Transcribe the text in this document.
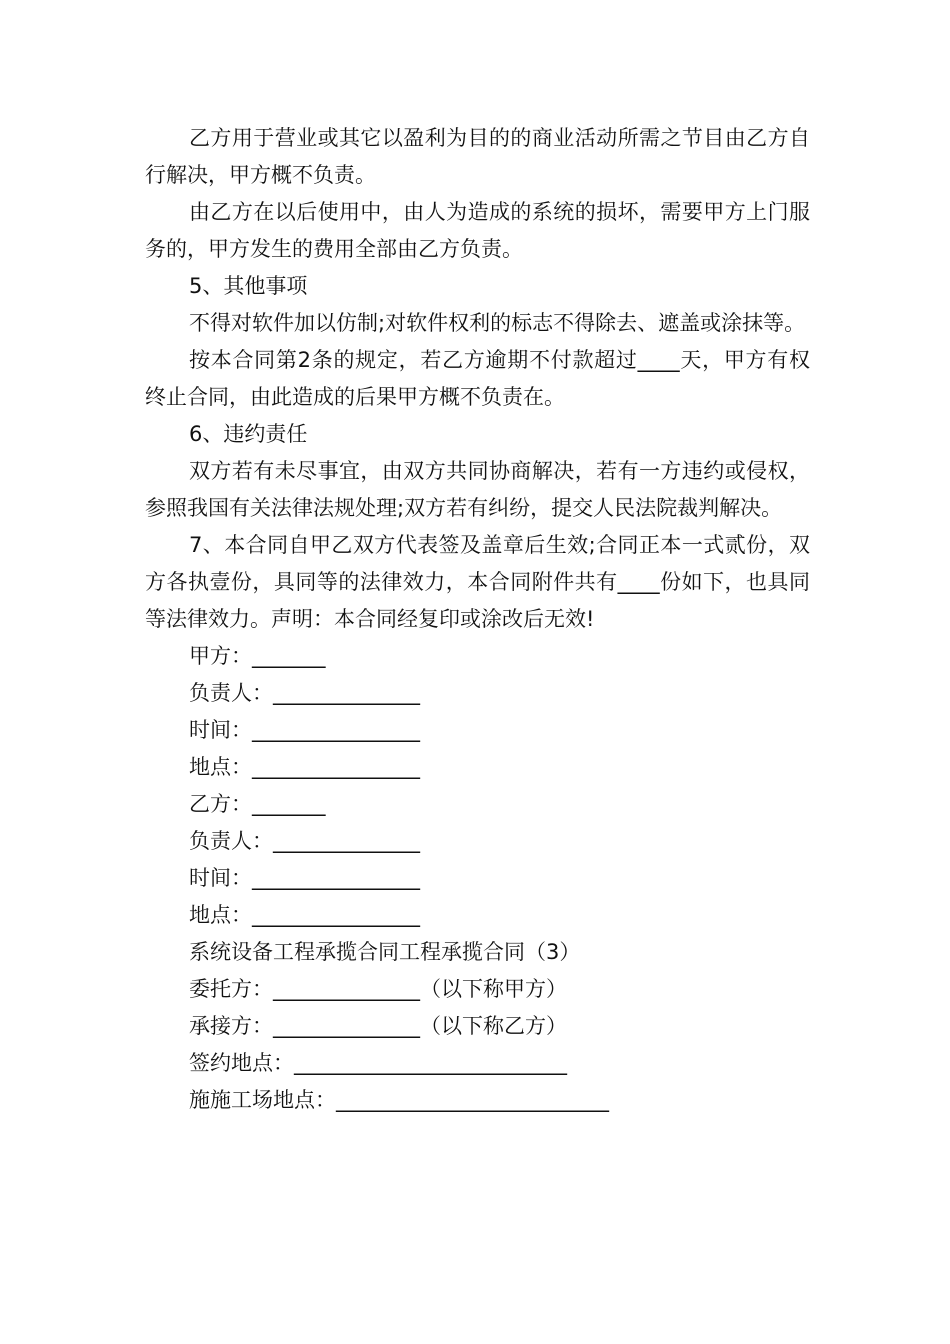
乙方用于营业或其它以盈利为目的的商业活动所需之节目由乙方自行解决，甲方概不负责。

由乙方在以后使用中，由人为造成的系统的损坏，需要甲方上门服务的，甲方发生的费用全部由乙方负责。

5、其他事项

不得对软件加以仿制;对软件权利的标志不得除去、遮盖或涂抹等。

按本合同第2条的规定，若乙方逾期不付款超过____天，甲方有权终止合同，由此造成的后果甲方概不负责在。

6、违约责任

双方若有未尽事宜，由双方共同协商解决，若有一方违约或侵权，参照我国有关法律法规处理;双方若有纠纷，提交人民法院裁判解决。

7、本合同自甲乙双方代表签及盖章后生效;合同正本一式贰份，双方各执壹份，具同等的法律效力，本合同附件共有____份如下，也具同等法律效力。声明：本合同经复印或涂改后无效!

甲方：_______
负责人：______________
时间：________________
地点：________________
乙方：_______
负责人：______________
时间：________________
地点：________________
系统设备工程承揽合同工程承揽合同（3）
委托方：______________（以下称甲方）
承接方：______________（以下称乙方）
签约地点：__________________________
施施工场地点：__________________________
